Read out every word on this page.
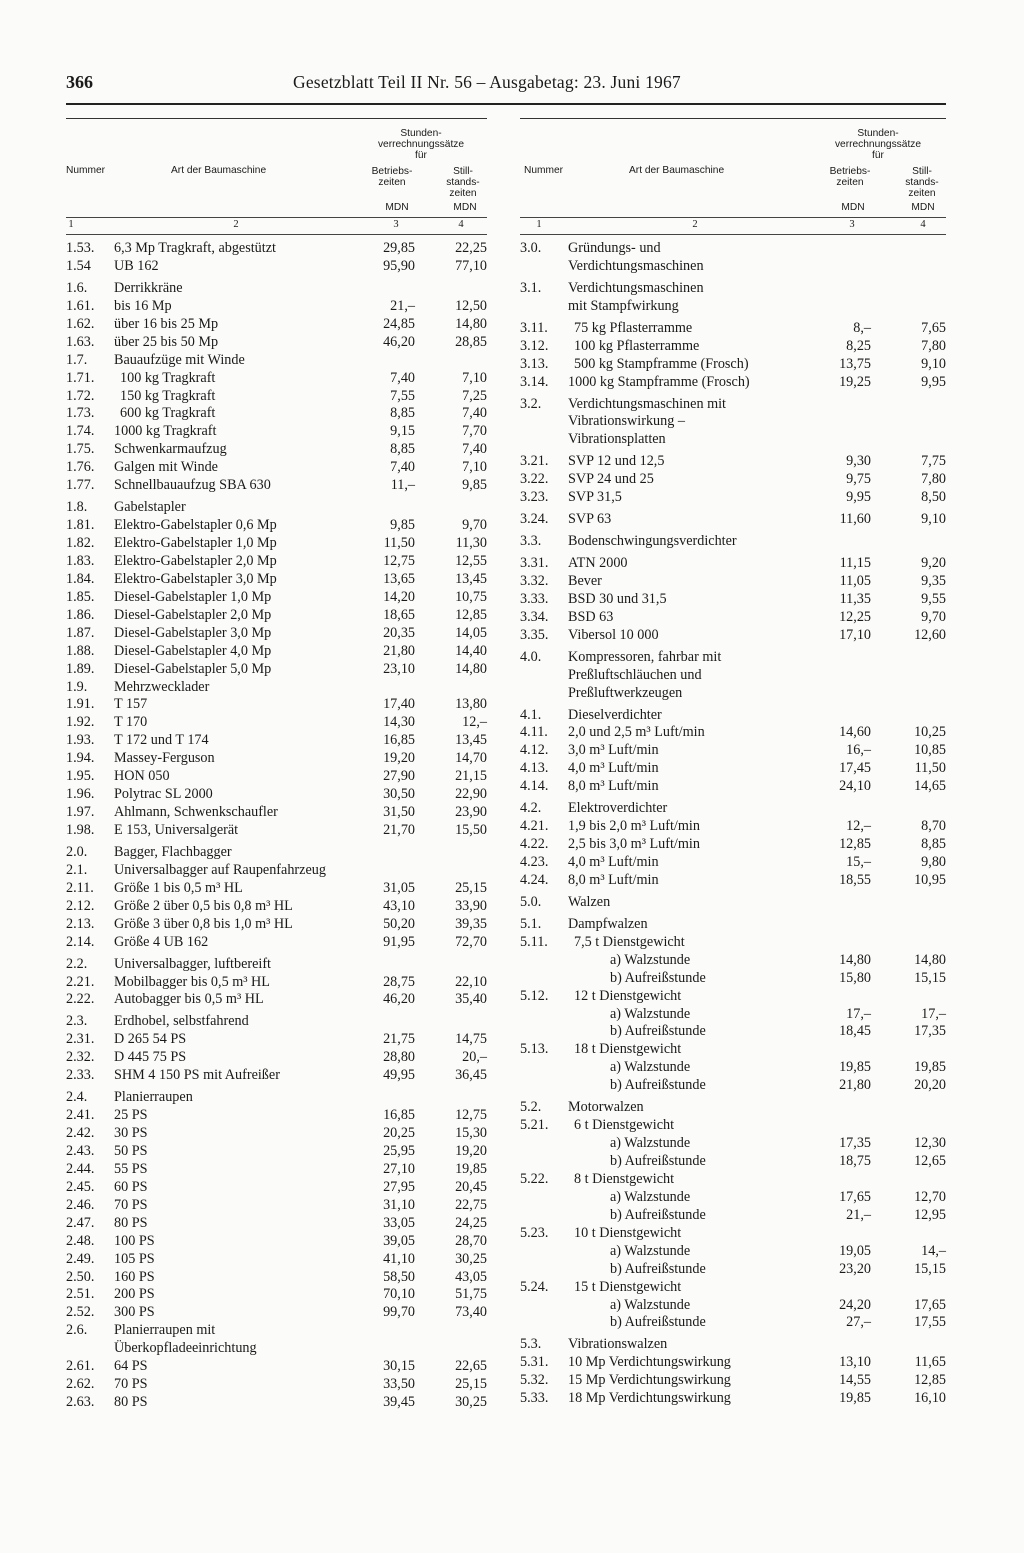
366	Gesetzblatt Teil II Nr. 56 – Ausgabetag: 23. Juni 1967
Nummer	Art der Baumaschine
Stunden-
verrechnungssätze
für
Betriebs-
zeiten
Still-
stands-
zeiten
MDN	MDN
1	2	3	4
1.53.	6,3 Mp Tragkraft, abgestützt	29,85	22,25
1.54	UB 162	95,90	77,10
1.6.	Derrikkräne
1.61.	bis 16 Mp	21,–	12,50
1.62.	über 16 bis 25 Mp	24,85	14,80
1.63.	über 25 bis 50 Mp	46,20	28,85
1.7.	Bauaufzüge mit Winde
1.71.	100 kg Tragkraft	7,40	7,10
1.72.	150 kg Tragkraft	7,55	7,25
1.73.	600 kg Tragkraft	8,85	7,40
1.74.	1000 kg Tragkraft	9,15	7,70
1.75.	Schwenkarmaufzug	8,85	7,40
1.76.	Galgen mit Winde	7,40	7,10
1.77.	Schnellbauaufzug SBA 630	11,–	9,85
1.8.	Gabelstapler
1.81.	Elektro-Gabelstapler 0,6 Mp	9,85	9,70
1.82.	Elektro-Gabelstapler 1,0 Mp	11,50	11,30
1.83.	Elektro-Gabelstapler 2,0 Mp	12,75	12,55
1.84.	Elektro-Gabelstapler 3,0 Mp	13,65	13,45
1.85.	Diesel-Gabelstapler 1,0 Mp	14,20	10,75
1.86.	Diesel-Gabelstapler 2,0 Mp	18,65	12,85
1.87.	Diesel-Gabelstapler 3,0 Mp	20,35	14,05
1.88.	Diesel-Gabelstapler 4,0 Mp	21,80	14,40
1.89.	Diesel-Gabelstapler 5,0 Mp	23,10	14,80
1.9.	Mehrzwecklader
1.91.	T 157	17,40	13,80
1.92.	T 170	14,30	12,–
1.93.	T 172 und T 174	16,85	13,45
1.94.	Massey-Ferguson	19,20	14,70
1.95.	HON 050	27,90	21,15
1.96.	Polytrac SL 2000	30,50	22,90
1.97.	Ahlmann, Schwenkschaufler	31,50	23,90
1.98.	E 153, Universalgerät	21,70	15,50
2.0.	Bagger, Flachbagger
2.1.	Universalbagger auf Raupenfahrzeug
2.11.	Größe 1 bis 0,5 m³ HL	31,05	25,15
2.12.	Größe 2 über 0,5 bis 0,8 m³ HL	43,10	33,90
2.13.	Größe 3 über 0,8 bis 1,0 m³ HL	50,20	39,35
2.14.	Größe 4 UB 162	91,95	72,70
2.2.	Universalbagger, luftbereift
2.21.	Mobilbagger bis 0,5 m³ HL	28,75	22,10
2.22.	Autobagger bis 0,5 m³ HL	46,20	35,40
2.3.	Erdhobel, selbstfahrend
2.31.	D 265 54 PS	21,75	14,75
2.32.	D 445 75 PS	28,80	20,–
2.33.	SHM 4 150 PS mit Aufreißer	49,95	36,45
2.4.	Planierraupen
2.41.	25 PS	16,85	12,75
2.42.	30 PS	20,25	15,30
2.43.	50 PS	25,95	19,20
2.44.	55 PS	27,10	19,85
2.45.	60 PS	27,95	20,45
2.46.	70 PS	31,10	22,75
2.47.	80 PS	33,05	24,25
2.48.	100 PS	39,05	28,70
2.49.	105 PS	41,10	30,25
2.50.	160 PS	58,50	43,05
2.51.	200 PS	70,10	51,75
2.52.	300 PS	99,70	73,40
2.6.	Planierraupen mit
Überkopfladeeinrichtung
2.61.	64 PS	30,15	22,65
2.62.	70 PS	33,50	25,15
2.63.	80 PS	39,45	30,25
Nummer	Art der Baumaschine
Stunden-
verrechnungssätze
für
Betriebs-
zeiten
Still-
stands-
zeiten
MDN	MDN
1	2	3	4
3.0.	Gründungs- und
Verdichtungsmaschinen
3.1.	Verdichtungsmaschinen
mit Stampfwirkung
3.11.	75 kg Pflasterramme	8,–	7,65
3.12.	100 kg Pflasterramme	8,25	7,80
3.13.	500 kg Stampframme (Frosch)	13,75	9,10
3.14.	1000 kg Stampframme (Frosch)	19,25	9,95
3.2.	Verdichtungsmaschinen mit
Vibrationswirkung –
Vibrationsplatten
3.21.	SVP 12 und 12,5	9,30	7,75
3.22.	SVP 24 und 25	9,75	7,80
3.23.	SVP 31,5	9,95	8,50
3.24.	SVP 63	11,60	9,10
3.3.	Bodenschwingungsverdichter
3.31.	ATN 2000	11,15	9,20
3.32.	Bever	11,05	9,35
3.33.	BSD 30 und 31,5	11,35	9,55
3.34.	BSD 63	12,25	9,70
3.35.	Vibersol 10 000	17,10	12,60
4.0.	Kompressoren, fahrbar mit
Preßluftschläuchen und
Preßluftwerkzeugen
4.1.	Dieselverdichter
4.11.	2,0 und 2,5 m³ Luft/min	14,60	10,25
4.12.	3,0 m³ Luft/min	16,–	10,85
4.13.	4,0 m³ Luft/min	17,45	11,50
4.14.	8,0 m³ Luft/min	24,10	14,65
4.2.	Elektroverdichter
4.21.	1,9 bis 2,0 m³ Luft/min	12,–	8,70
4.22.	2,5 bis 3,0 m³ Luft/min	12,85	8,85
4.23.	4,0 m³ Luft/min	15,–	9,80
4.24.	8,0 m³ Luft/min	18,55	10,95
5.0.	Walzen
5.1.	Dampfwalzen
5.11.	7,5 t Dienstgewicht
a) Walzstunde	14,80	14,80
b) Aufreißstunde	15,80	15,15
5.12.	12 t Dienstgewicht
a) Walzstunde	17,–	17,–
b) Aufreißstunde	18,45	17,35
5.13.	18 t Dienstgewicht
a) Walzstunde	19,85	19,85
b) Aufreißstunde	21,80	20,20
5.2.	Motorwalzen
5.21.	6 t Dienstgewicht
a) Walzstunde	17,35	12,30
b) Aufreißstunde	18,75	12,65
5.22.	8 t Dienstgewicht
a) Walzstunde	17,65	12,70
b) Aufreißstunde	21,–	12,95
5.23.	10 t Dienstgewicht
a) Walzstunde	19,05	14,–
b) Aufreißstunde	23,20	15,15
5.24.	15 t Dienstgewicht
a) Walzstunde	24,20	17,65
b) Aufreißstunde	27,–	17,55
5.3.	Vibrationswalzen
5.31.	10 Mp Verdichtungswirkung	13,10	11,65
5.32.	15 Mp Verdichtungswirkung	14,55	12,85
5.33.	18 Mp Verdichtungswirkung	19,85	16,10
